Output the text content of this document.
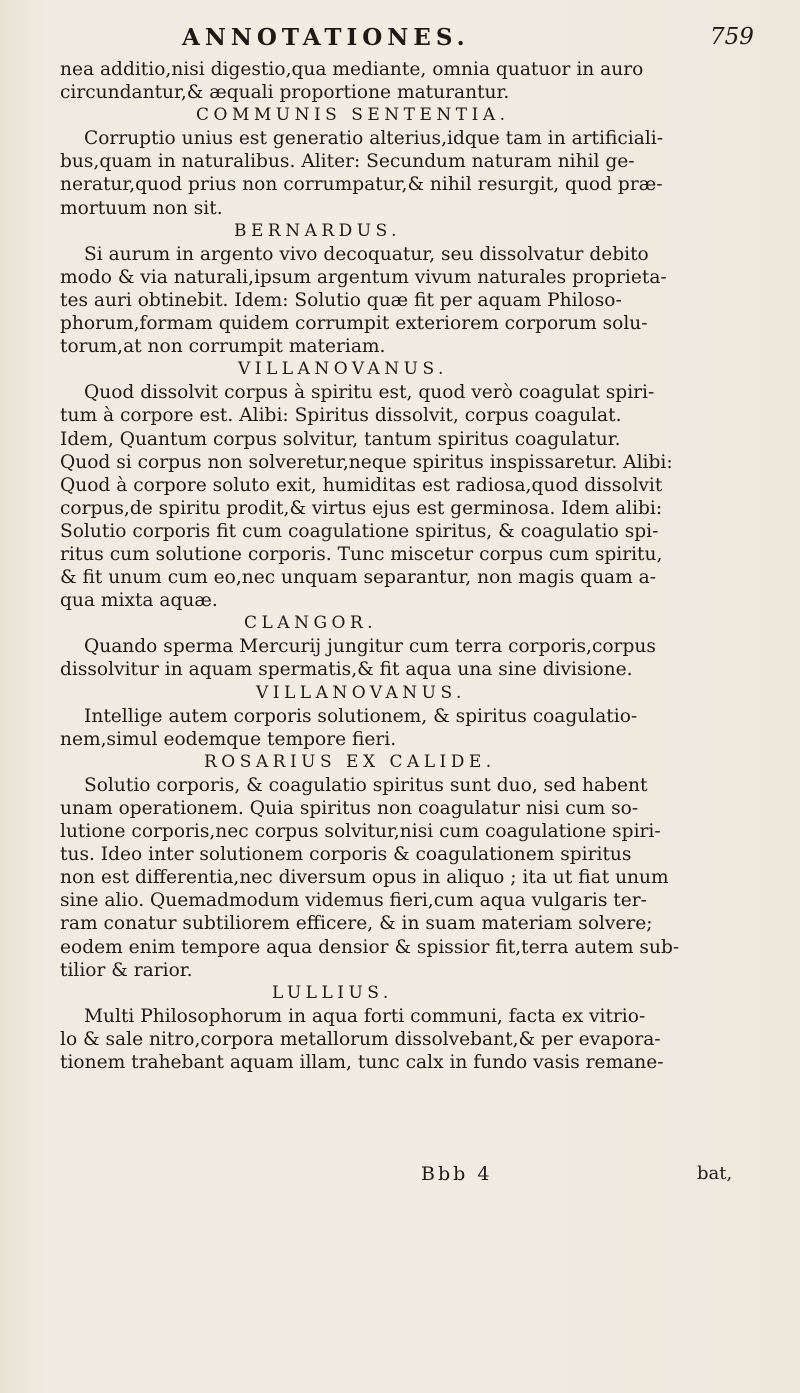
ANNOTATIONES.	759
nea additio,nisi digestio,qua mediante, omnia quatuor in auro
circundantur,& æquali proportione maturantur.
COMMUNIS SENTENTIA.
Corruptio unius est generatio alterius,idque tam in artificiali-
bus,quam in naturalibus. Aliter: Secundum naturam nihil ge-
neratur,quod prius non corrumpatur,& nihil resurgit, quod præ-
mortuum non sit.
BERNARDUS.
Si aurum in argento vivo decoquatur, seu dissolvatur debito
modo & via naturali,ipsum argentum vivum naturales proprieta-
tes auri obtinebit. Idem: Solutio quæ fit per aquam Philoso-
phorum,formam quidem corrumpit exteriorem corporum solu-
torum,at non corrumpit materiam.
VILLANOVANUS.
Quod dissolvit corpus à spiritu est, quod verò coagulat spiri-
tum à corpore est. Alibi: Spiritus dissolvit, corpus coagulat.
Idem, Quantum corpus solvitur, tantum spiritus coagulatur.
Quod si corpus non solveretur,neque spiritus inspissaretur. Alibi:
Quod à corpore soluto exit, humiditas est radiosa,quod dissolvit
corpus,de spiritu prodit,& virtus ejus est germinosa. Idem alibi:
Solutio corporis fit cum coagulatione spiritus, & coagulatio spi-
ritus cum solutione corporis. Tunc miscetur corpus cum spiritu,
& fit unum cum eo,nec unquam separantur, non magis quam a-
qua mixta aquæ.
CLANGOR.
Quando sperma Mercurij jungitur cum terra corporis,corpus
dissolvitur in aquam spermatis,& fit aqua una sine divisione.
VILLANOVANUS.
Intellige autem corporis solutionem, & spiritus coagulatio-
nem,simul eodemque tempore fieri.
ROSARIUS EX CALIDE.
Solutio corporis, & coagulatio spiritus sunt duo, sed habent
unam operationem. Quia spiritus non coagulatur nisi cum so-
lutione corporis,nec corpus solvitur,nisi cum coagulatione spiri-
tus. Ideo inter solutionem corporis & coagulationem spiritus
non est differentia,nec diversum opus in aliquo ; ita ut fiat unum
sine alio. Quemadmodum videmus fieri,cum aqua vulgaris ter-
ram conatur subtiliorem efficere, & in suam materiam solvere;
eodem enim tempore aqua densior & spissior fit,terra autem sub-
tilior & rarior.
LULLIUS.
Multi Philosophorum in aqua forti communi, facta ex vitrio-
lo & sale nitro,corpora metallorum dissolvebant,& per evapora-
tionem trahebant aquam illam, tunc calx in fundo vasis remane-
Bbb 4	bat,
